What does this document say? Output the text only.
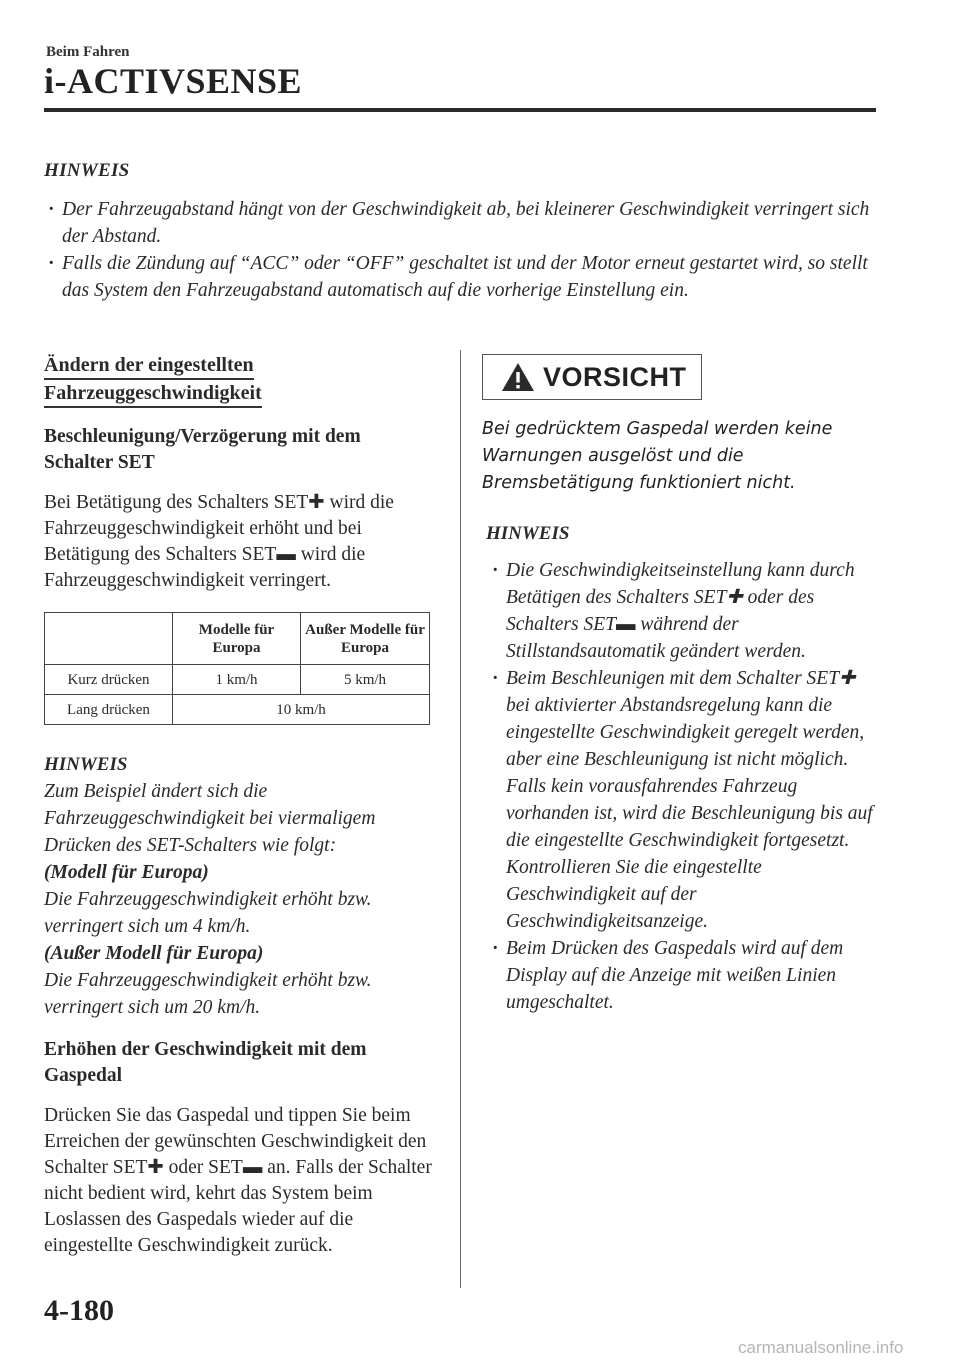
Beim Fahren
i-ACTIVSENSE
HINWEIS
· Der Fahrzeugabstand hängt von der Geschwindigkeit ab, bei kleinerer Geschwindigkeit verringert sich der Abstand.
· Falls die Zündung auf “ACC” oder “OFF” geschaltet ist und der Motor erneut gestartet wird, so stellt das System den Fahrzeugabstand automatisch auf die vorherige Einstellung ein.
Ändern der eingestellten
Fahrzeuggeschwindigkeit
Beschleunigung/Verzögerung mit dem Schalter SET
Bei Betätigung des Schalters SET✚ wird die Fahrzeuggeschwindigkeit erhöht und bei Betätigung des Schalters SET▬ wird die Fahrzeuggeschwindigkeit verringert.
	Modelle für Europa	Außer Modelle für Europa
Kurz drücken	1 km/h	5 km/h
Lang drücken	10 km/h	
HINWEIS
Zum Beispiel ändert sich die Fahrzeuggeschwindigkeit bei viermaligem Drücken des SET-Schalters wie folgt:
(Modell für Europa)
Die Fahrzeuggeschwindigkeit erhöht bzw. verringert sich um 4 km/h.
(Außer Modell für Europa)
Die Fahrzeuggeschwindigkeit erhöht bzw. verringert sich um 20 km/h.
Erhöhen der Geschwindigkeit mit dem Gaspedal
Drücken Sie das Gaspedal und tippen Sie beim Erreichen der gewünschten Geschwindigkeit den Schalter SET✚ oder SET▬ an. Falls der Schalter nicht bedient wird, kehrt das System beim Loslassen des Gaspedals wieder auf die eingestellte Geschwindigkeit zurück.
VORSICHT
Bei gedrücktem Gaspedal werden keine Warnungen ausgelöst und die Bremsbetätigung funktioniert nicht.
HINWEIS
· Die Geschwindigkeitseinstellung kann durch Betätigen des Schalters SET✚ oder des Schalters SET▬ während der Stillstandsautomatik geändert werden.
· Beim Beschleunigen mit dem Schalter SET✚ bei aktivierter Abstandsregelung kann die eingestellte Geschwindigkeit geregelt werden, aber eine Beschleunigung ist nicht möglich. Falls kein vorausfahrendes Fahrzeug vorhanden ist, wird die Beschleunigung bis auf die eingestellte Geschwindigkeit fortgesetzt. Kontrollieren Sie die eingestellte Geschwindigkeit auf der Geschwindigkeitsanzeige.
· Beim Drücken des Gaspedals wird auf dem Display auf die Anzeige mit weißen Linien umgeschaltet.
4-180
carmanualsonline.info
